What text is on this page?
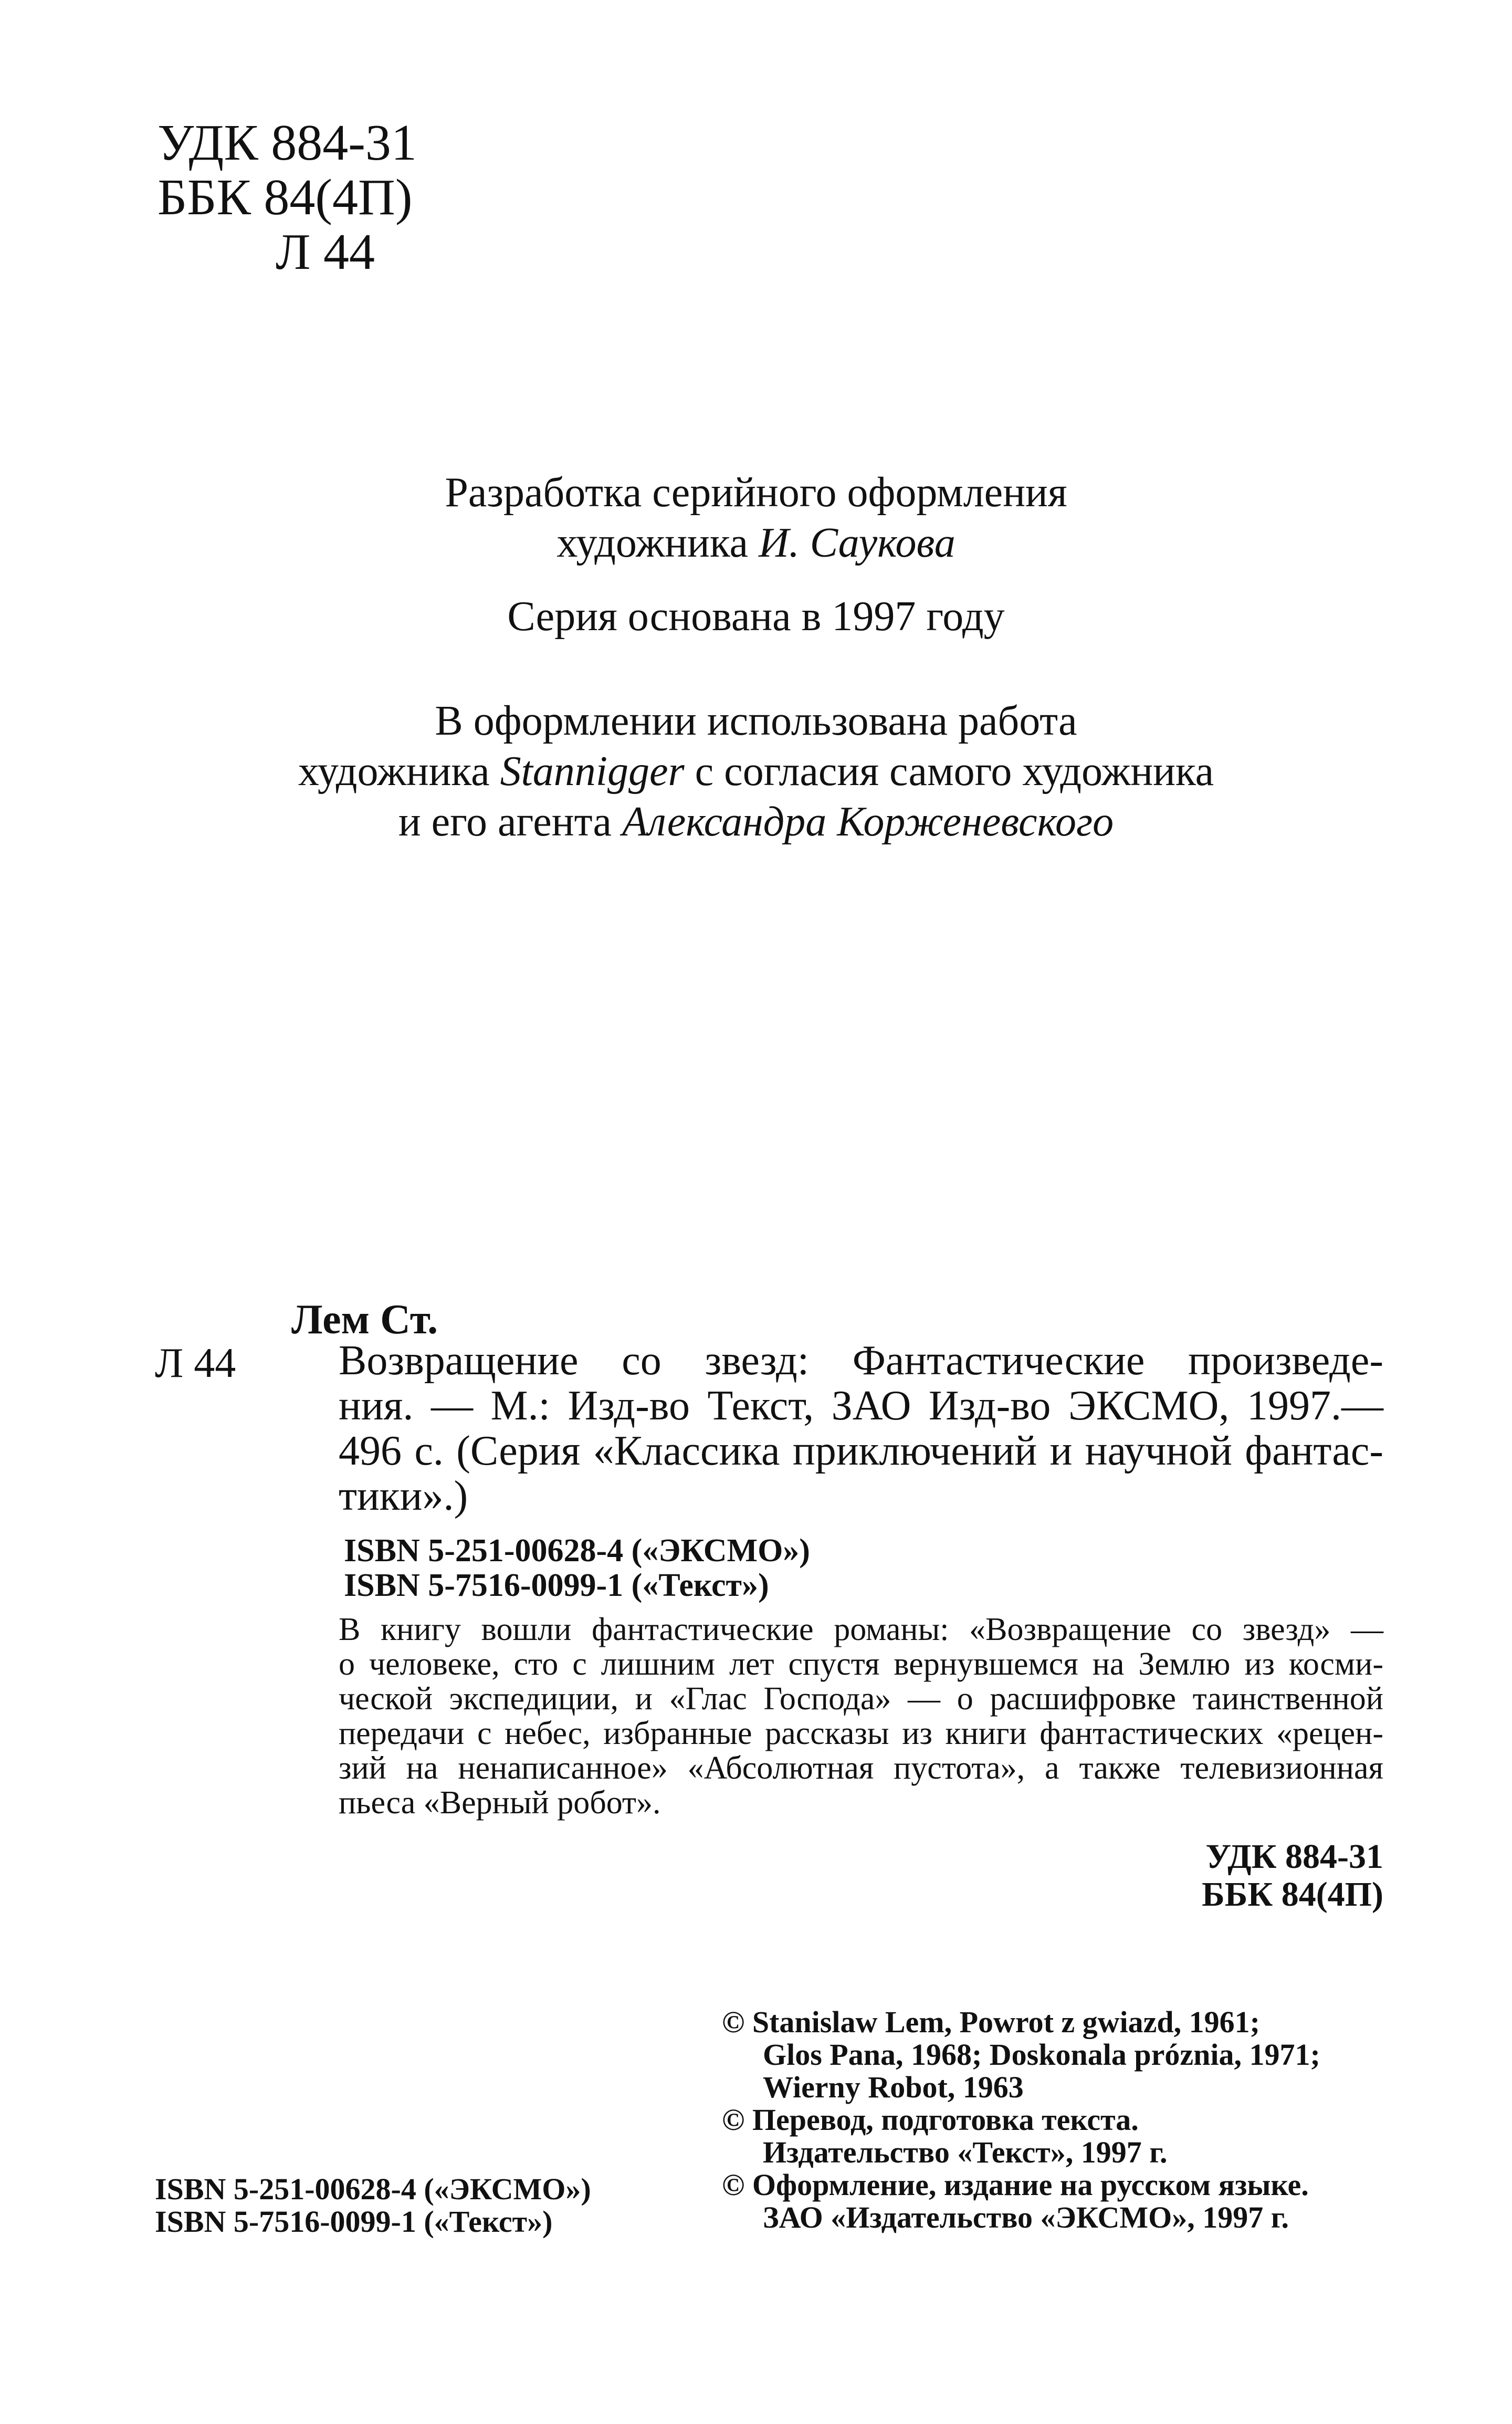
УДК 884-31
ББК 84(4П)
Л 44
Разработка серийного оформления
художника И. Саукова
Серия основана в 1997 году
В оформлении использована работа
художника Stannigger с согласия самого художника
и его агента Александра Корженевского
Лем Ст.
Л 44 Возвращение со звезд: Фантастические произведе-
ния. — М.: Изд-во Текст, ЗАО Изд-во ЭКСМО, 1997.—
496 с. (Серия «Классика приключений и научной фантас-
тики».)
ISBN 5-251-00628-4 («ЭКСМО»)
ISBN 5-7516-0099-1 («Текст»)
В книгу вошли фантастические романы: «Возвращение со звезд» —
о человеке, сто с лишним лет спустя вернувшемся на Землю из косми-
ческой экспедиции, и «Глас Господа» — о расшифровке таинственной
передачи с небес, избранные рассказы из книги фантастических «рецен-
зий на ненаписанное» «Абсолютная пустота», а также телевизионная
пьеса «Верный робот».
УДК 884-31
ББК 84(4П)
© Stanislaw Lem, Powrot z gwiazd, 1961;
Glos Pana, 1968; Doskonala próznia, 1971;
Wierny Robot, 1963
© Перевод, подготовка текста.
Издательство «Текст», 1997 г.
© Оформление, издание на русском языке.
ЗАО «Издательство «ЭКСМО», 1997 г.
ISBN 5-251-00628-4 («ЭКСМО»)
ISBN 5-7516-0099-1 («Текст»)
